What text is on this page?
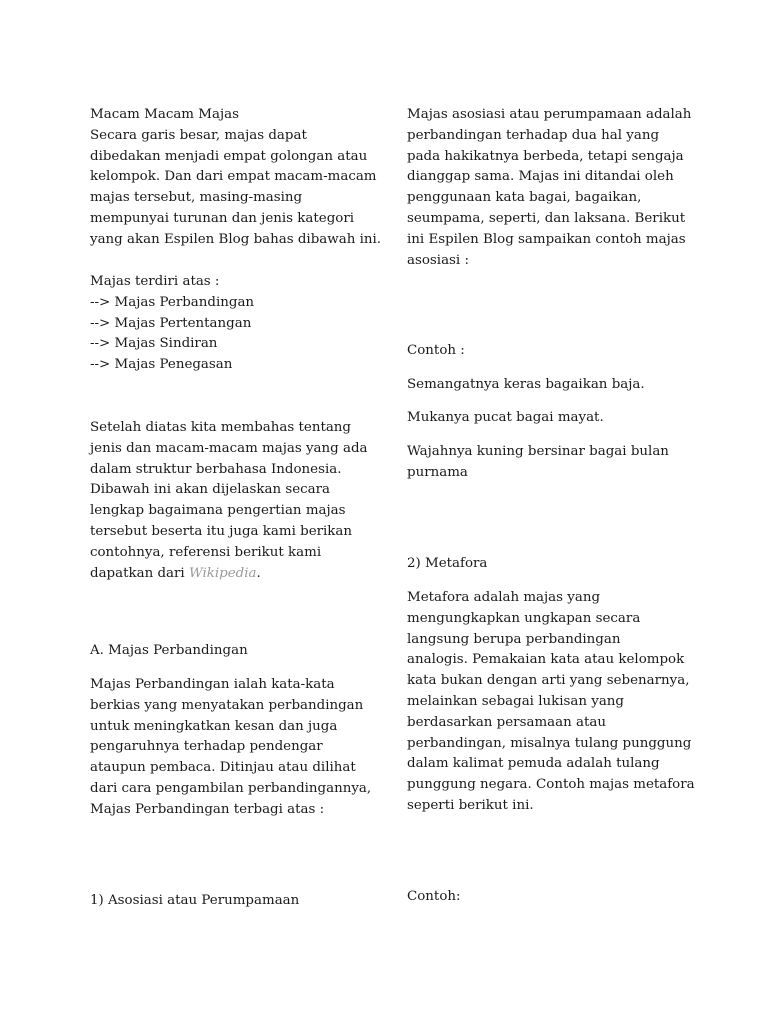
Macam Macam Majas
Secara garis besar, majas dapat
dibedakan menjadi empat golongan atau
kelompok. Dan dari empat macam-macam
majas tersebut, masing-masing
mempunyai turunan dan jenis kategori
yang akan Espilen Blog bahas dibawah ini.
Majas terdiri atas :
--> Majas Perbandingan
--> Majas Pertentangan
--> Majas Sindiran
--> Majas Penegasan
Setelah diatas kita membahas tentang
jenis dan macam-macam majas yang ada
dalam struktur berbahasa Indonesia.
Dibawah ini akan dijelaskan secara
lengkap bagaimana pengertian majas
tersebut beserta itu juga kami berikan
contohnya, referensi berikut kami
dapatkan dari Wikipedia.
A. Majas Perbandingan
Majas Perbandingan ialah kata-kata
berkias yang menyatakan perbandingan
untuk meningkatkan kesan dan juga
pengaruhnya terhadap pendengar
ataupun pembaca. Ditinjau atau dilihat
dari cara pengambilan perbandingannya,
Majas Perbandingan terbagi atas :
1) Asosiasi atau Perumpamaan
Majas asosiasi atau perumpamaan adalah
perbandingan terhadap dua hal yang
pada hakikatnya berbeda, tetapi sengaja
dianggap sama. Majas ini ditandai oleh
penggunaan kata bagai, bagaikan,
seumpama, seperti, dan laksana. Berikut
ini Espilen Blog sampaikan contoh majas
asosiasi :
Contoh :
Semangatnya keras bagaikan baja.
Mukanya pucat bagai mayat.
Wajahnya kuning bersinar bagai bulan
purnama
2) Metafora
Metafora adalah majas yang
mengungkapkan ungkapan secara
langsung berupa perbandingan
analogis. Pemakaian kata atau kelompok
kata bukan dengan arti yang sebenarnya,
melainkan sebagai lukisan yang
berdasarkan persamaan atau
perbandingan, misalnya tulang punggung
dalam kalimat pemuda adalah tulang
punggung negara. Contoh majas metafora
seperti berikut ini.
Contoh:
